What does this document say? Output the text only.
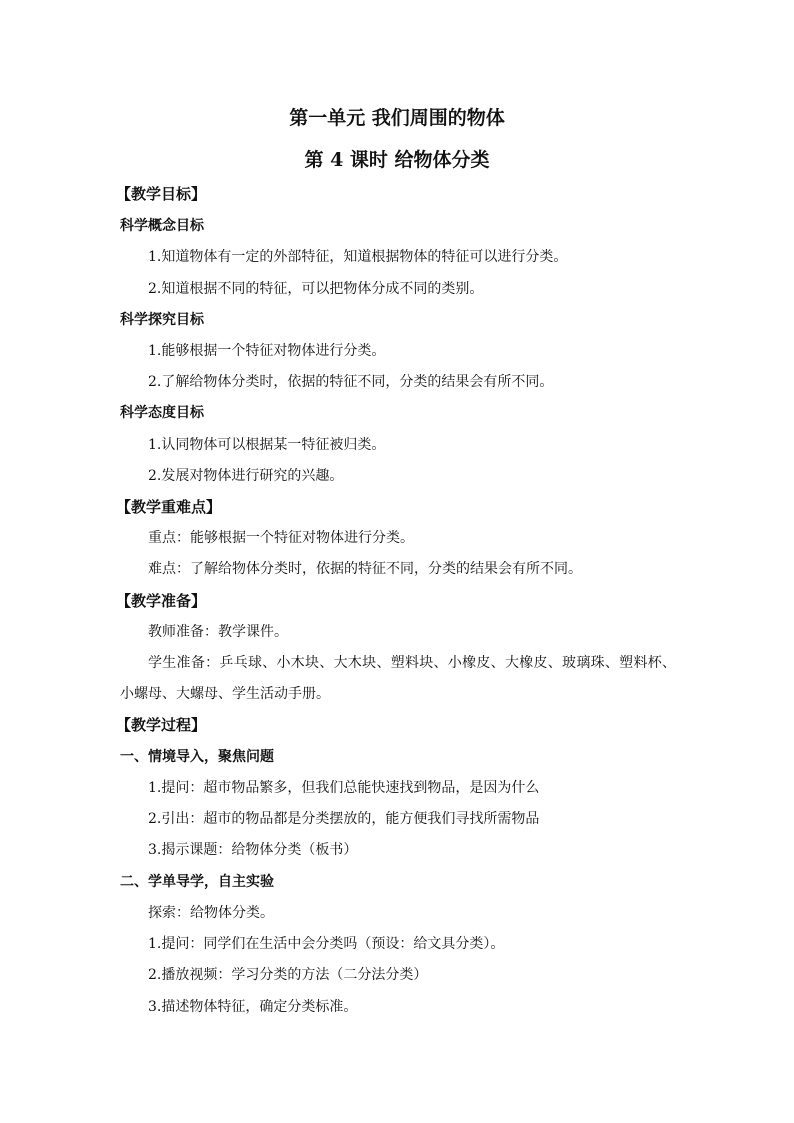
第一单元 我们周围的物体
第 4 课时 给物体分类

【教学目标】

科学概念目标

1.知道物体有一定的外部特征，知道根据物体的特征可以进行分类。

2.知道根据不同的特征，可以把物体分成不同的类别。

科学探究目标

1.能够根据一个特征对物体进行分类。

2.了解给物体分类时，依据的特征不同，分类的结果会有所不同。

科学态度目标

1.认同物体可以根据某一特征被归类。

2.发展对物体进行研究的兴趣。

【教学重难点】

重点：能够根据一个特征对物体进行分类。

难点：了解给物体分类时，依据的特征不同，分类的结果会有所不同。

【教学准备】

教师准备：教学课件。

学生准备：乒乓球、小木块、大木块、塑料块、小橡皮、大橡皮、玻璃珠、塑料杯、小螺母、大螺母、学生活动手册。

【教学过程】

一、情境导入，聚焦问题

1.提问：超市物品繁多，但我们总能快速找到物品，是因为什么

2.引出：超市的物品都是分类摆放的，能方便我们寻找所需物品

3.揭示课题：给物体分类（板书）

二、学单导学，自主实验

探索：给物体分类。

1.提问：同学们在生活中会分类吗（预设：给文具分类）。

2.播放视频：学习分类的方法（二分法分类）

3.描述物体特征，确定分类标准。
